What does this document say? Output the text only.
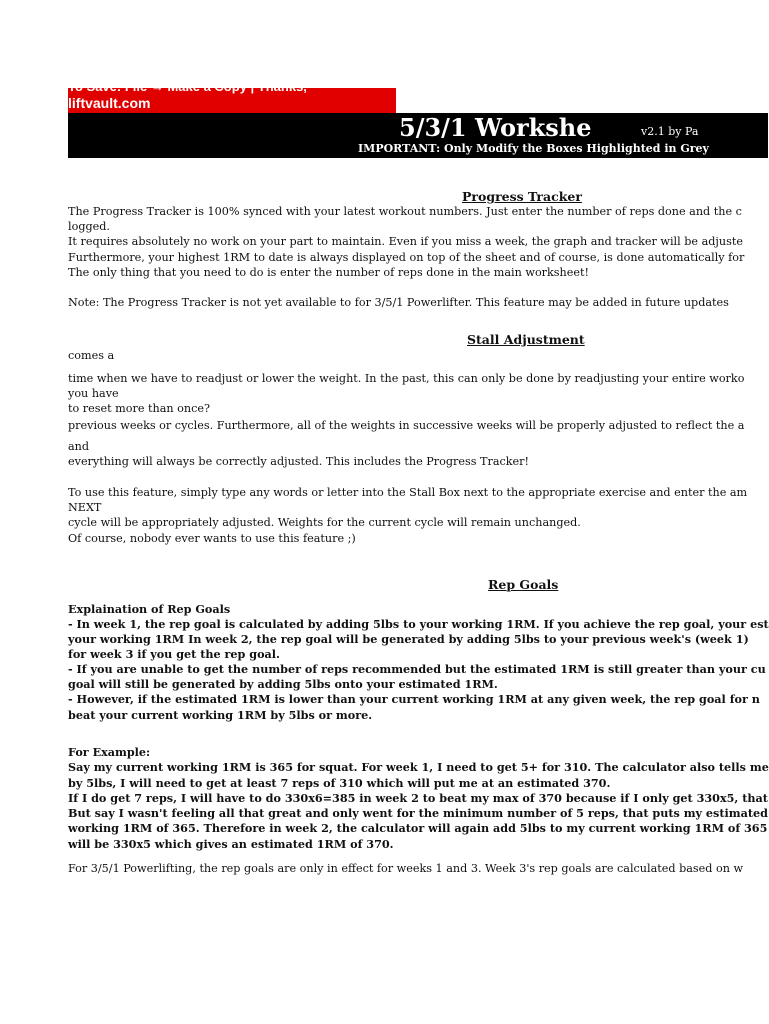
To Save: File → Make a Copy | Thanks,
liftvault.com
5/3/1 Workshe	v2.1 by Pa
IMPORTANT: Only Modify the Boxes Highlighted in Grey
Progress Tracker
The Progress Tracker is 100% synced with your latest workout numbers. Just enter the number of reps done and the c
logged.
It requires absolutely no work on your part to maintain. Even if you miss a week, the graph and tracker will be adjuste
Furthermore, your highest 1RM to date is always displayed on top of the sheet and of course, is done automatically for
The only thing that you need to do is enter the number of reps done in the main worksheet!
Note: The Progress Tracker is not yet available to for 3/5/1 Powerlifter. This feature may be added in future updates
Stall Adjustment
comes a
time when we have to readjust or lower the weight. In the past, this can only be done by readjusting your entire worko
you have
to reset more than once?
previous weeks or cycles. Furthermore, all of the weights in successive weeks will be properly adjusted to reflect the a
and
everything will always be correctly adjusted. This includes the Progress Tracker!
To use this feature, simply type any words or letter into the Stall Box next to the appropriate exercise and enter the am
NEXT
cycle will be appropriately adjusted. Weights for the current cycle will remain unchanged.
Of course, nobody ever wants to use this feature ;)
Rep Goals
Explaination of Rep Goals
- In week 1, the rep goal is calculated by adding 5lbs to your working 1RM. If you achieve the rep goal, your est
your working 1RM In week 2, the rep goal will be generated by adding 5lbs to your previous week's (week 1)
for week 3 if you get the rep goal.
- If you are unable to get the number of reps recommended but the estimated 1RM is still greater than your cu
goal will still be generated by adding 5lbs onto your estimated 1RM.
- However, if the estimated 1RM is lower than your current working 1RM at any given week, the rep goal for n
beat your current working 1RM by 5lbs or more.
For Example:
Say my current working 1RM is 365 for squat. For week 1, I need to get 5+ for 310. The calculator also tells me
by 5lbs, I will need to get at least 7 reps of 310 which will put me at an estimated 370.
If I do get 7 reps, I will have to do 330x6=385 in week 2 to beat my max of 370 because if I only get 330x5, that
But say I wasn't feeling all that great and only went for the minimum number of 5 reps, that puts my estimated
working 1RM of 365. Therefore in week 2, the calculator will again add 5lbs to my current working 1RM of 365
will be 330x5 which gives an estimated 1RM of 370.
For 3/5/1 Powerlifting, the rep goals are only in effect for weeks 1 and 3. Week 3's rep goals are calculated based on w
